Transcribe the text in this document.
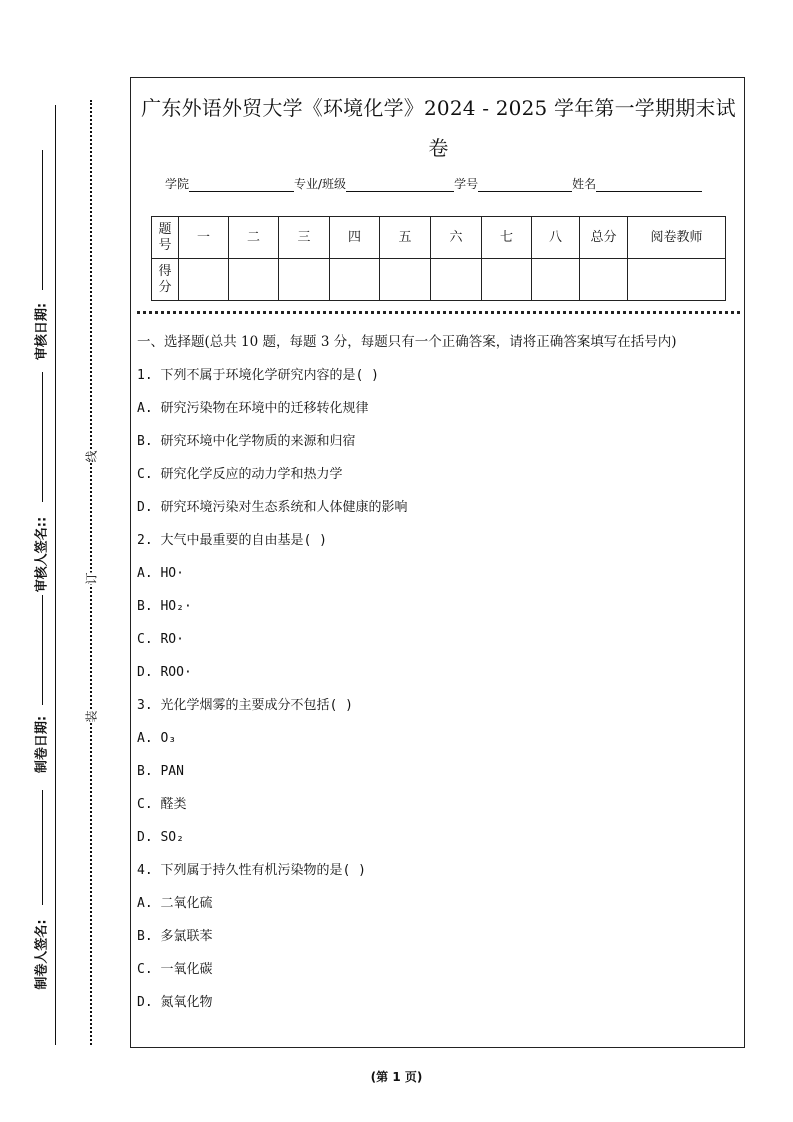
审核日期:
审核人签名::
制卷日期:
制卷人签名:
线
订
装
广东外语外贸大学《环境化学》2024 - 2025 学年第一学期期末试卷
学院	专业/班级	学号	姓名
题号	一	二	三	四	五	六	七	八	总分	阅卷教师
得分										
一、选择题(总共 10 题，每题 3 分，每题只有一个正确答案，请将正确答案填写在括号内)
1. 下列不属于环境化学研究内容的是( )
A. 研究污染物在环境中的迁移转化规律
B. 研究环境中化学物质的来源和归宿
C. 研究化学反应的动力学和热力学
D. 研究环境污染对生态系统和人体健康的影响
2. 大气中最重要的自由基是( )
A. HO·
B. HO₂·
C. RO·
D. ROO·
3. 光化学烟雾的主要成分不包括( )
A. O₃
B. PAN
C. 醛类
D. SO₂
4. 下列属于持久性有机污染物的是( )
A. 二氧化硫
B. 多氯联苯
C. 一氧化碳
D. 氮氧化物
(第 1 页)
